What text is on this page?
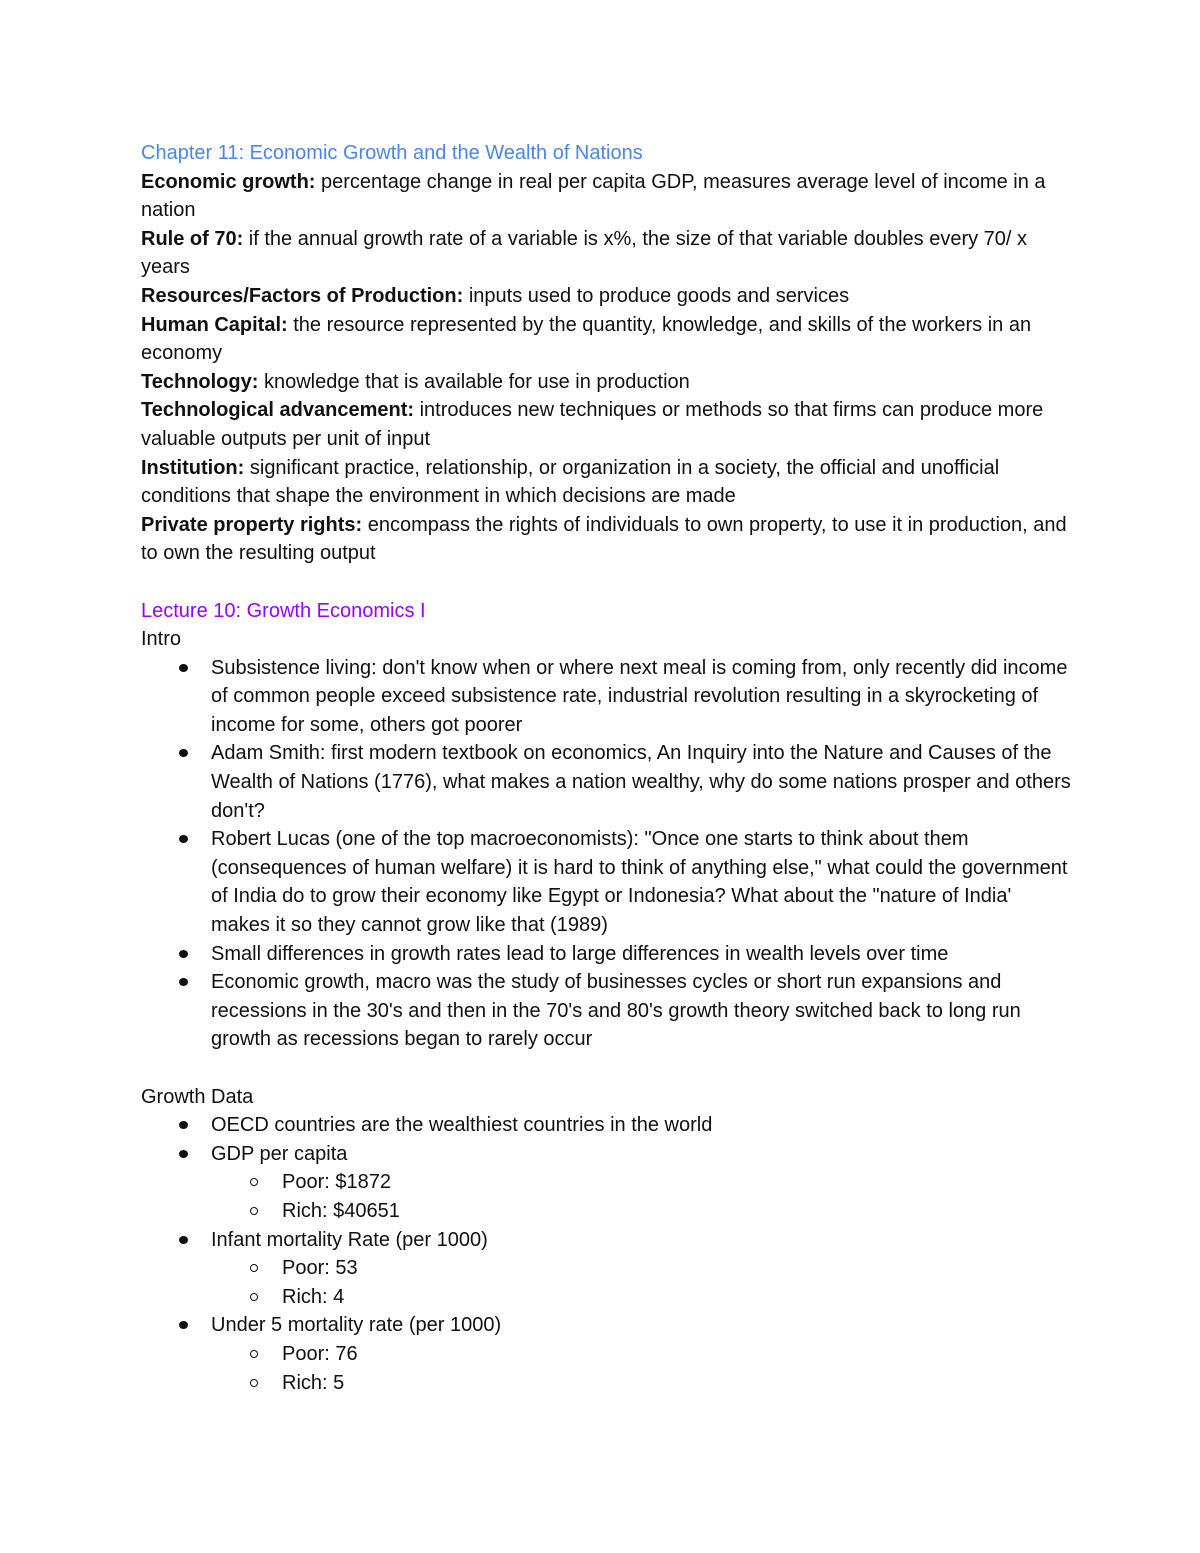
Chapter 11: Economic Growth and the Wealth of Nations

Economic growth: percentage change in real per capita GDP, measures average level of income in a nation

Rule of 70: if the annual growth rate of a variable is x%, the size of that variable doubles every 70/ x years

Resources/Factors of Production: inputs used to produce goods and services

Human Capital: the resource represented by the quantity, knowledge, and skills of the workers in an economy

Technology: knowledge that is available for use in production

Technological advancement: introduces new techniques or methods so that firms can produce more valuable outputs per unit of input

Institution: significant practice, relationship, or organization in a society, the official and unofficial conditions that shape the environment in which decisions are made

Private property rights: encompass the rights of individuals to own property, to use it in production, and to own the resulting output

Lecture 10: Growth Economics I

Intro

Subsistence living: don't know when or where next meal is coming from, only recently did income of common people exceed subsistence rate, industrial revolution resulting in a skyrocketing of income for some, others got poorer
Adam Smith: first modern textbook on economics, An Inquiry into the Nature and Causes of the Wealth of Nations (1776), what makes a nation wealthy, why do some nations prosper and others don't?
Robert Lucas (one of the top macroeconomists): "Once one starts to think about them (consequences of human welfare) it is hard to think of anything else," what could the government of India do to grow their economy like Egypt or Indonesia? What about the "nature of India' makes it so they cannot grow like that (1989)
Small differences in growth rates lead to large differences in wealth levels over time
Economic growth, macro was the study of businesses cycles or short run expansions and recessions in the 30's and then in the 70's and 80's growth theory switched back to long run growth as recessions began to rarely occur

Growth Data

OECD countries are the wealthiest countries in the world
GDP per capita
Poor: $1872
Rich: $40651
Infant mortality Rate (per 1000)
Poor: 53
Rich: 4
Under 5 mortality rate (per 1000)
Poor: 76
Rich: 5
